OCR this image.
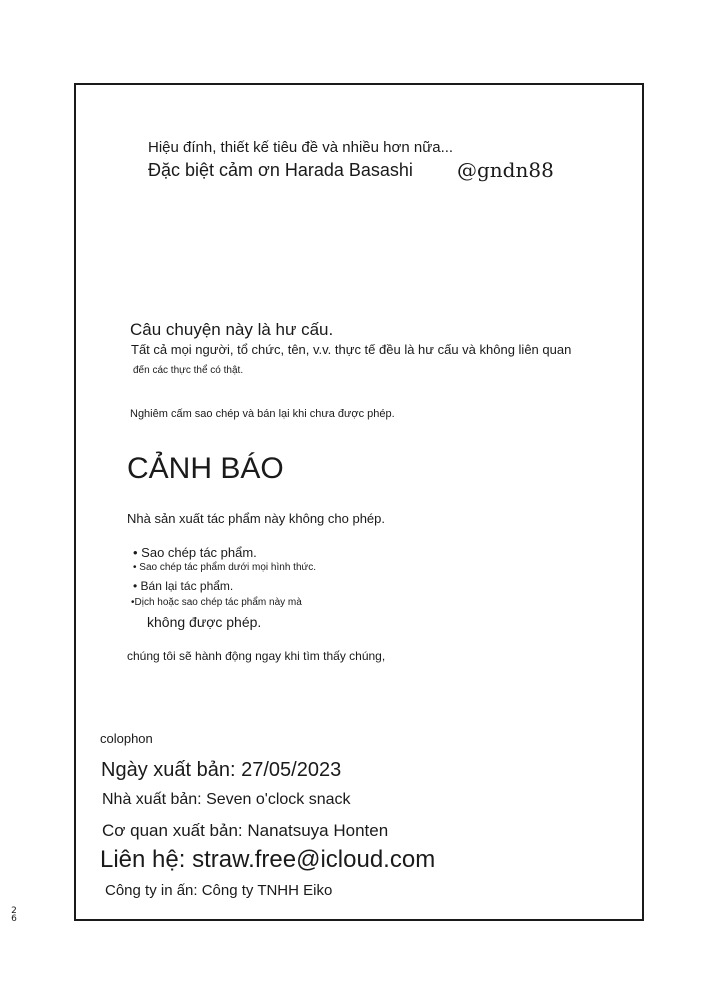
Hiệu đính, thiết kế tiêu đề và nhiều hơn nữa...
Đặc biệt cảm ơn Harada Basashi @gndn88
Câu chuyện này là hư cấu.
Tất cả mọi người, tổ chức, tên, v.v. thực tế đều là hư cấu và không liên quan
đến các thực thể có thật.
Nghiêm cấm sao chép và bán lại khi chưa được phép.
CẢNH BÁO
Nhà sản xuất tác phẩm này không cho phép.
• Sao chép tác phẩm.
• Sao chép tác phẩm dưới mọi hình thức.
• Bán lại tác phẩm.
•Dịch hoặc sao chép tác phẩm này mà
không được phép.
chúng tôi sẽ hành động ngay khi tìm thấy chúng,
colophon
Ngày xuất bản: 27/05/2023
Nhà xuất bản: Seven o'clock snack
Cơ quan xuất bản: Nanatsuya Honten
Liên hệ: straw.free@icloud.com
Công ty in ấn: Công ty TNHH Eiko
26
